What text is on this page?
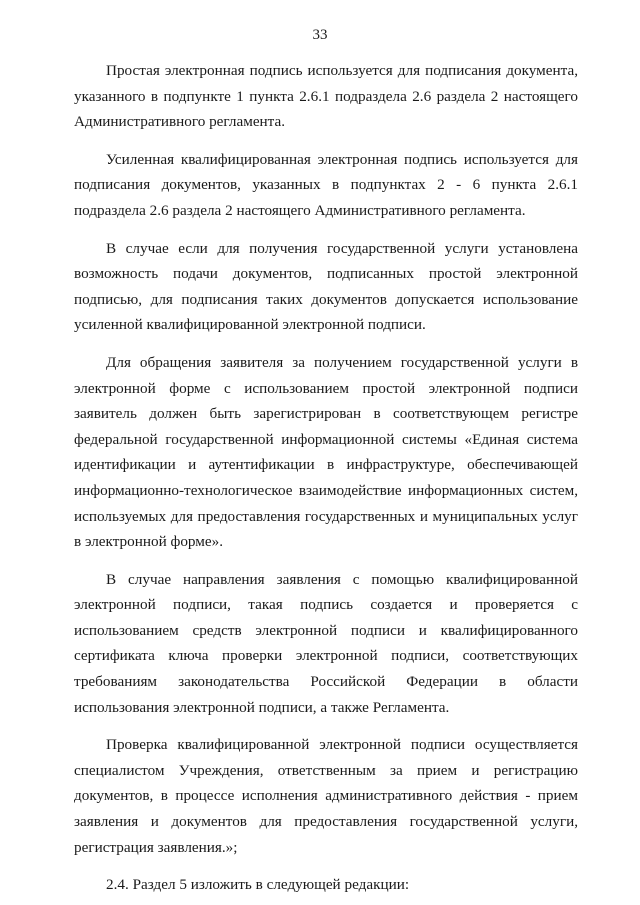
33

Простая электронная подпись используется для подписания документа, указанного в подпункте 1 пункта 2.6.1 подраздела 2.6 раздела 2 настоящего Административного регламента.

Усиленная квалифицированная электронная подпись используется для подписания документов, указанных в подпунктах 2 - 6 пункта 2.6.1 подраздела 2.6 раздела 2 настоящего Административного регламента.

В случае если для получения государственной услуги установлена возможность подачи документов, подписанных простой электронной подписью, для подписания таких документов допускается использование усиленной квалифицированной электронной подписи.

Для обращения заявителя за получением государственной услуги в электронной форме с использованием простой электронной подписи заявитель должен быть зарегистрирован в соответствующем регистре федеральной государственной информационной системы «Единая система идентификации и аутентификации в инфраструктуре, обеспечивающей информационно-технологическое взаимодействие информационных систем, используемых для предоставления государственных и муниципальных услуг в электронной форме».

В случае направления заявления с помощью квалифицированной электронной подписи, такая подпись создается и проверяется с использованием средств электронной подписи и квалифицированного сертификата ключа проверки электронной подписи, соответствующих требованиям законодательства Российской Федерации в области использования электронной подписи, а также Регламента.

Проверка квалифицированной электронной подписи осуществляется специалистом Учреждения, ответственным за прием и регистрацию документов, в процессе исполнения административного действия - прием заявления и документов для предоставления государственной услуги, регистрация заявления.»;

2.4. Раздел 5 изложить в следующей редакции:
